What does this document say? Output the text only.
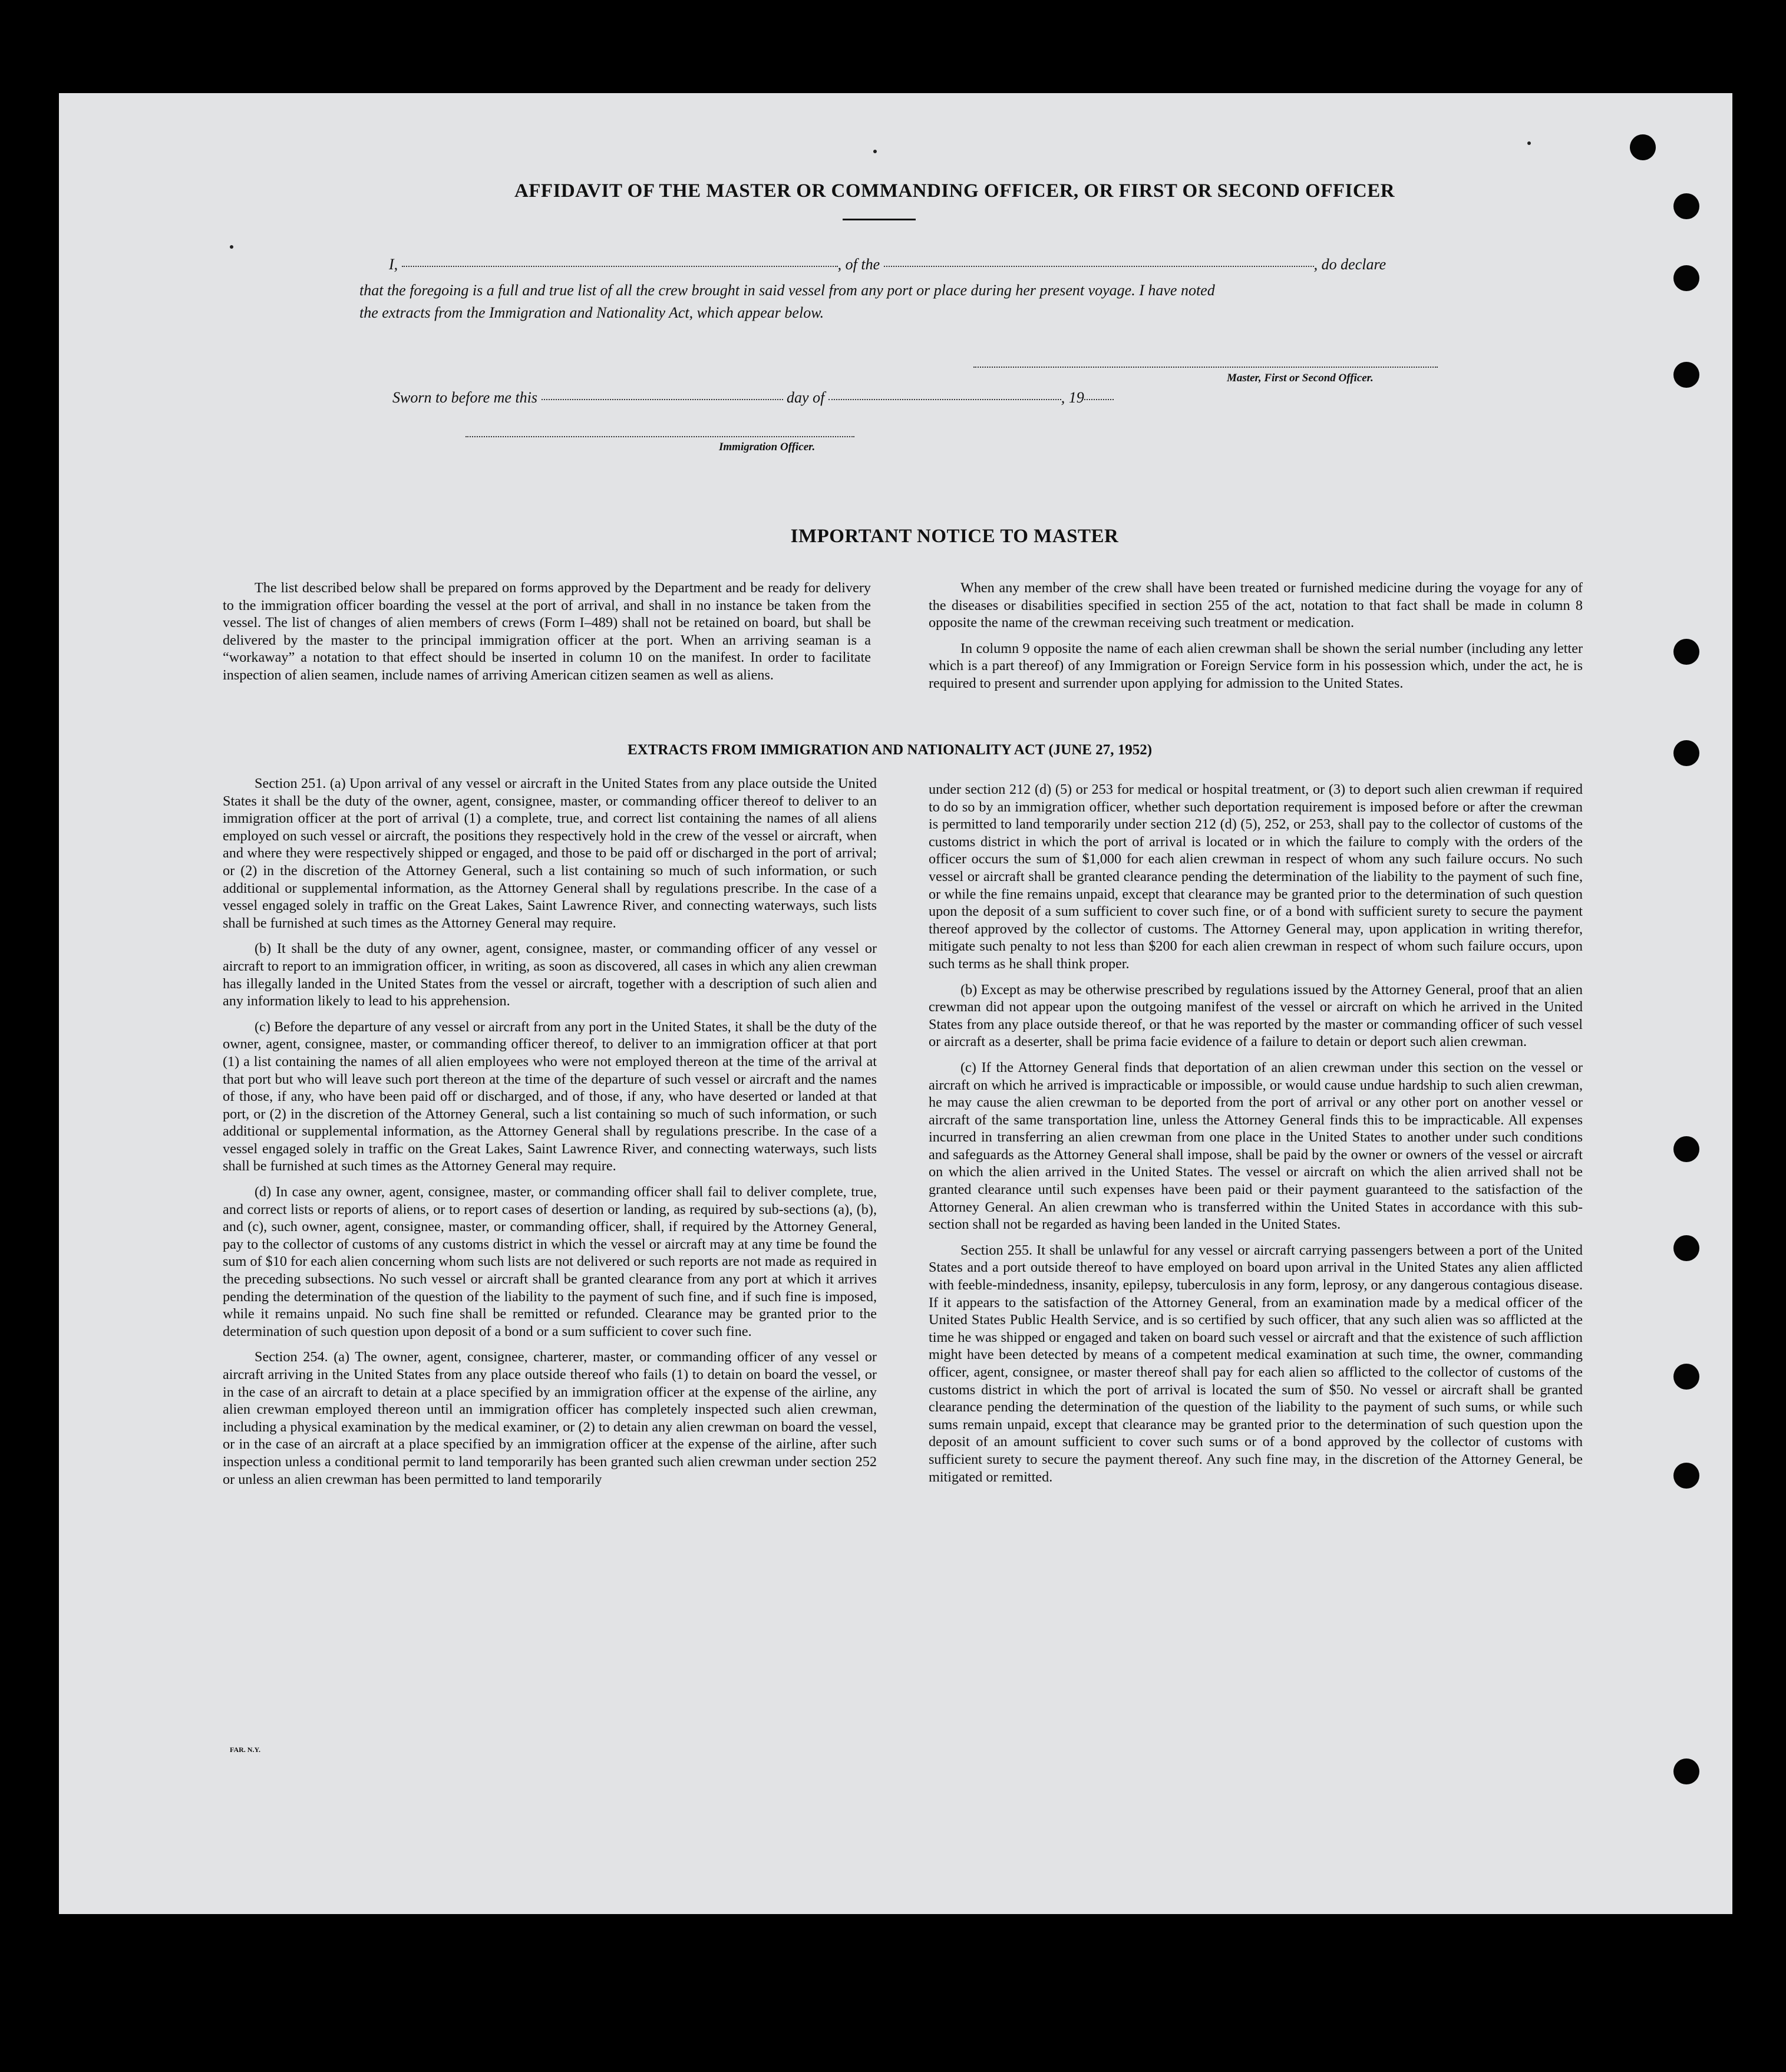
AFFIDAVIT OF THE MASTER OR COMMANDING OFFICER, OR FIRST OR SECOND OFFICER
I,	, of the	, do declare
that the foregoing is a full and true list of all the crew brought in said vessel from any port or place during her present voyage. I have noted
the extracts from the Immigration and Nationality Act, which appear below.
Master, First or Second Officer.
Sworn to before me this	day of	, 19
Immigration Officer.
IMPORTANT NOTICE TO MASTER

The list described below shall be prepared on forms approved by the Department and be ready for delivery to the immigration officer boarding the vessel at the port of arrival, and shall in no instance be taken from the vessel. The list of changes of alien members of crews (Form I–489) shall not be retained on board, but shall be delivered by the master to the principal immigration officer at the port. When an arriving seaman is a “workaway” a notation to that effect should be inserted in column 10 on the manifest. In order to facilitate inspection of alien seamen, include names of arriving American citizen seamen as well as aliens.

When any member of the crew shall have been treated or furnished medicine during the voyage for any of the diseases or disabilities specified in section 255 of the act, notation to that fact shall be made in column 8 opposite the name of the crewman receiving such treatment or medication.

In column 9 opposite the name of each alien crewman shall be shown the serial number (including any letter which is a part thereof) of any Immigration or Foreign Service form in his possession which, under the act, he is required to present and surrender upon applying for admission to the United States.

EXTRACTS FROM IMMIGRATION AND NATIONALITY ACT (JUNE 27, 1952)

Section 251. (a) Upon arrival of any vessel or aircraft in the United States from any place outside the United States it shall be the duty of the owner, agent, consignee, master, or commanding officer thereof to deliver to an immigration officer at the port of arrival (1) a complete, true, and correct list containing the names of all aliens employed on such vessel or aircraft, the positions they respectively hold in the crew of the vessel or aircraft, when and where they were respectively shipped or engaged, and those to be paid off or discharged in the port of arrival; or (2) in the discretion of the Attorney General, such a list containing so much of such information, or such additional or supplemental information, as the Attorney General shall by regulations prescribe. In the case of a vessel engaged solely in traffic on the Great Lakes, Saint Lawrence River, and connecting waterways, such lists shall be furnished at such times as the Attorney General may require.

(b) It shall be the duty of any owner, agent, consignee, master, or commanding officer of any vessel or aircraft to report to an immigration officer, in writing, as soon as discovered, all cases in which any alien crewman has illegally landed in the United States from the vessel or aircraft, together with a description of such alien and any information likely to lead to his apprehension.

(c) Before the departure of any vessel or aircraft from any port in the United States, it shall be the duty of the owner, agent, consignee, master, or commanding officer thereof, to deliver to an immigration officer at that port (1) a list containing the names of all alien employees who were not employed thereon at the time of the arrival at that port but who will leave such port thereon at the time of the departure of such vessel or aircraft and the names of those, if any, who have been paid off or discharged, and of those, if any, who have deserted or landed at that port, or (2) in the discretion of the Attorney General, such a list containing so much of such information, or such additional or supplemental information, as the Attorney General shall by regulations prescribe. In the case of a vessel engaged solely in traffic on the Great Lakes, Saint Lawrence River, and connecting waterways, such lists shall be furnished at such times as the Attorney General may require.

(d) In case any owner, agent, consignee, master, or commanding officer shall fail to deliver complete, true, and correct lists or reports of aliens, or to report cases of desertion or landing, as required by sub-sections (a), (b), and (c), such owner, agent, consignee, master, or commanding officer, shall, if required by the Attorney General, pay to the collector of customs of any customs district in which the vessel or aircraft may at any time be found the sum of $10 for each alien concerning whom such lists are not delivered or such reports are not made as required in the preceding subsections. No such vessel or aircraft shall be granted clearance from any port at which it arrives pending the determination of the question of the liability to the payment of such fine, and if such fine is imposed, while it remains unpaid. No such fine shall be remitted or refunded. Clearance may be granted prior to the determination of such question upon deposit of a bond or a sum sufficient to cover such fine.

Section 254. (a) The owner, agent, consignee, charterer, master, or commanding officer of any vessel or aircraft arriving in the United States from any place outside thereof who fails (1) to detain on board the vessel, or in the case of an aircraft to detain at a place specified by an immigration officer at the expense of the airline, any alien crewman employed thereon until an immigration officer has completely inspected such alien crewman, including a physical examination by the medical examiner, or (2) to detain any alien crewman on board the vessel, or in the case of an aircraft at a place specified by an immigration officer at the expense of the airline, after such inspection unless a conditional permit to land temporarily has been granted such alien crewman under section 252 or unless an alien crewman has been permitted to land temporarily

under section 212 (d) (5) or 253 for medical or hospital treatment, or (3) to deport such alien crewman if required to do so by an immigration officer, whether such deportation requirement is imposed before or after the crewman is permitted to land temporarily under section 212 (d) (5), 252, or 253, shall pay to the collector of customs of the customs district in which the port of arrival is located or in which the failure to comply with the orders of the officer occurs the sum of $1,000 for each alien crewman in respect of whom any such failure occurs. No such vessel or aircraft shall be granted clearance pending the determination of the liability to the payment of such fine, or while the fine remains unpaid, except that clearance may be granted prior to the determination of such question upon the deposit of a sum sufficient to cover such fine, or of a bond with sufficient surety to secure the payment thereof approved by the collector of customs. The Attorney General may, upon application in writing therefor, mitigate such penalty to not less than $200 for each alien crewman in respect of whom such failure occurs, upon such terms as he shall think proper.

(b) Except as may be otherwise prescribed by regulations issued by the Attorney General, proof that an alien crewman did not appear upon the outgoing manifest of the vessel or aircraft on which he arrived in the United States from any place outside thereof, or that he was reported by the master or commanding officer of such vessel or aircraft as a deserter, shall be prima facie evidence of a failure to detain or deport such alien crewman.

(c) If the Attorney General finds that deportation of an alien crewman under this section on the vessel or aircraft on which he arrived is impracticable or impossible, or would cause undue hardship to such alien crewman, he may cause the alien crewman to be deported from the port of arrival or any other port on another vessel or aircraft of the same transportation line, unless the Attorney General finds this to be impracticable. All expenses incurred in transferring an alien crewman from one place in the United States to another under such conditions and safeguards as the Attorney General shall impose, shall be paid by the owner or owners of the vessel or aircraft on which the alien arrived in the United States. The vessel or aircraft on which the alien arrived shall not be granted clearance until such expenses have been paid or their payment guaranteed to the satisfaction of the Attorney General. An alien crewman who is transferred within the United States in accordance with this sub-section shall not be regarded as having been landed in the United States.

Section 255. It shall be unlawful for any vessel or aircraft carrying passengers between a port of the United States and a port outside thereof to have employed on board upon arrival in the United States any alien afflicted with feeble-mindedness, insanity, epilepsy, tuberculosis in any form, leprosy, or any dangerous contagious disease. If it appears to the satisfaction of the Attorney General, from an examination made by a medical officer of the United States Public Health Service, and is so certified by such officer, that any such alien was so afflicted at the time he was shipped or engaged and taken on board such vessel or aircraft and that the existence of such affliction might have been detected by means of a competent medical examination at such time, the owner, commanding officer, agent, consignee, or master thereof shall pay for each alien so afflicted to the collector of customs of the customs district in which the port of arrival is located the sum of $50. No vessel or aircraft shall be granted clearance pending the determination of the question of the liability to the payment of such sums, or while such sums remain unpaid, except that clearance may be granted prior to the determination of such question upon the deposit of an amount sufficient to cover such sums or of a bond approved by the collector of customs with sufficient surety to secure the payment thereof. Any such fine may, in the discretion of the Attorney General, be mitigated or remitted.

FAR. N.Y.
